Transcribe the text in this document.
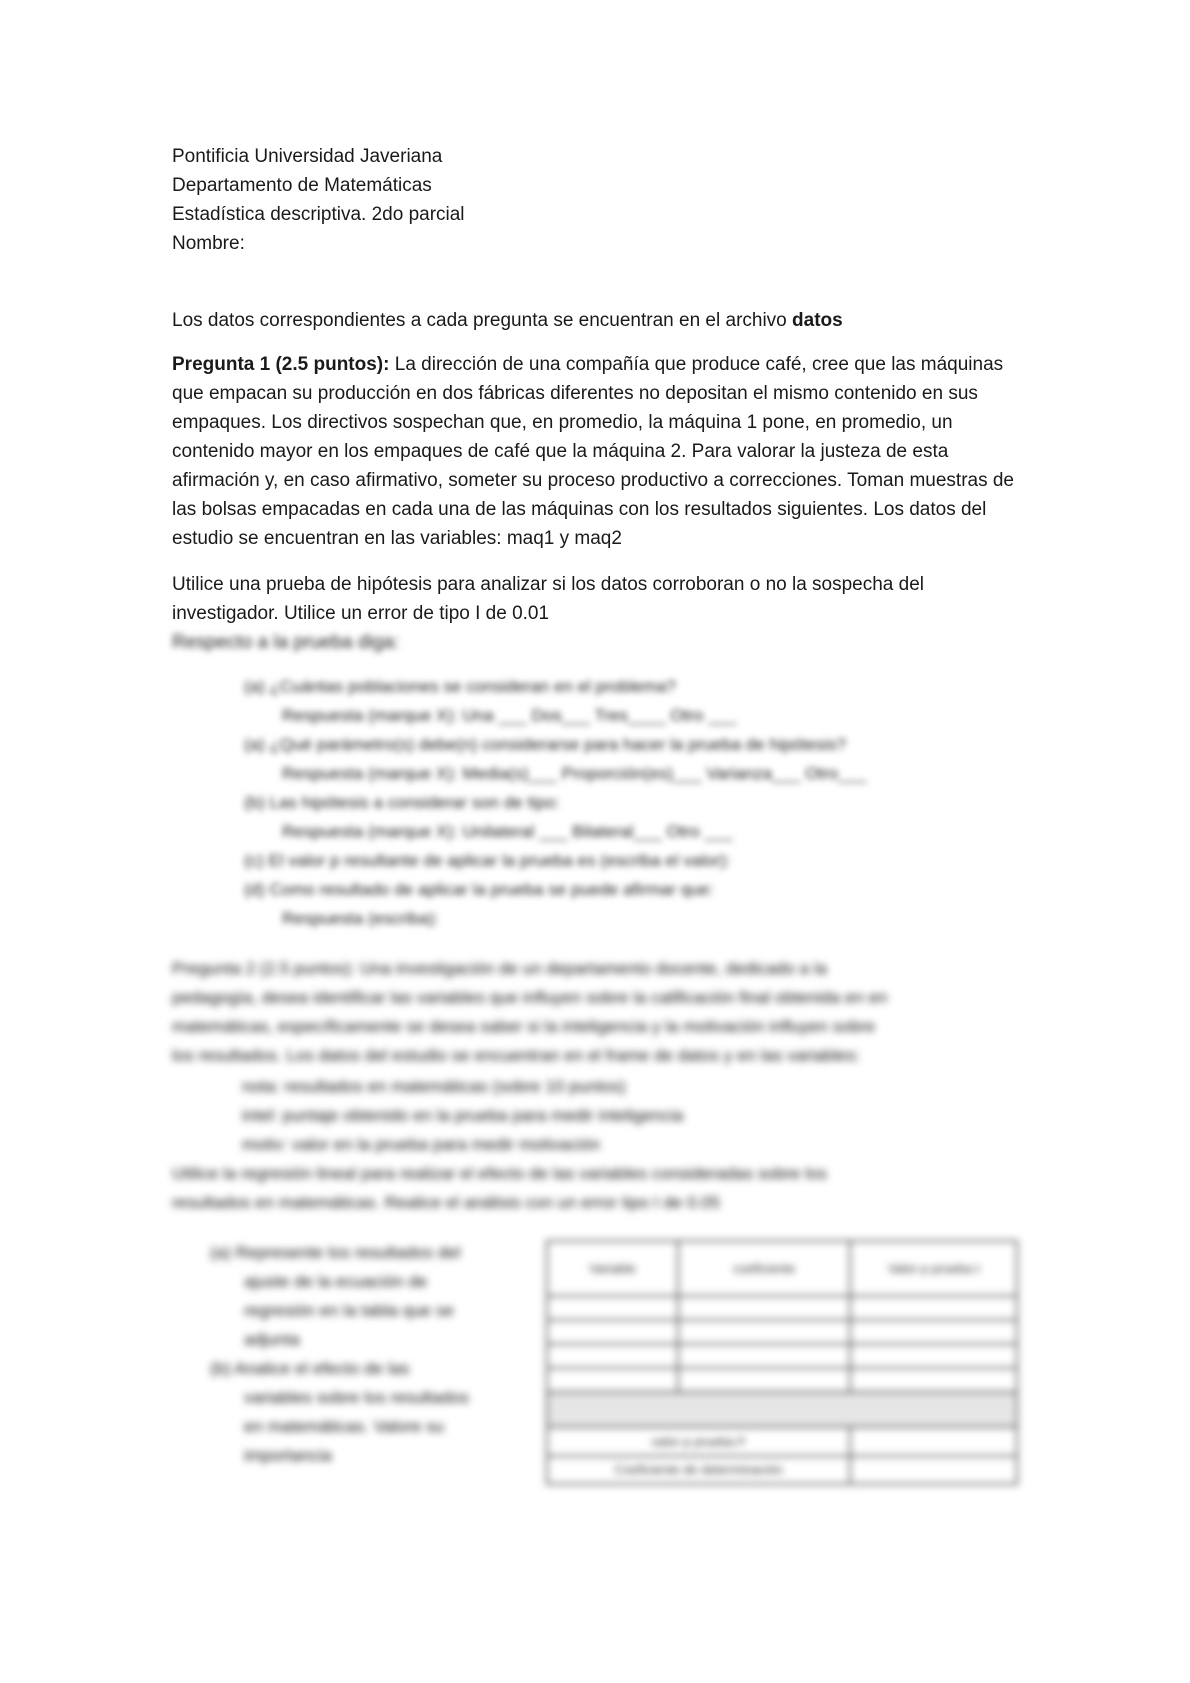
Pontificia Universidad Javeriana
Departamento de Matemáticas
Estadística descriptiva. 2do parcial
Nombre:
Los datos correspondientes a cada pregunta se encuentran en el archivo datos
Pregunta 1 (2.5 puntos): La dirección de una compañía que produce café, cree que las máquinas que empacan su producción en dos fábricas diferentes no depositan el mismo contenido en sus empaques. Los directivos sospechan que, en promedio, la máquina 1 pone, en promedio, un contenido mayor en los empaques de café que la máquina 2. Para valorar la justeza de esta afirmación y, en caso afirmativo, someter su proceso productivo a correcciones. Toman muestras de las bolsas empacadas en cada una de las máquinas con los resultados siguientes. Los datos del estudio se encuentran en las variables: maq1 y maq2
Utilice una prueba de hipótesis para analizar si los datos corroboran o no la sospecha del investigador. Utilice un error de tipo I de 0.01
Respecto a la prueba diga:
(a) ¿Cuántas poblaciones se consideran en el problema?
Respuesta (marque X): Una ___ Dos___ Tres____ Otro ___
(a) ¿Qué parámetro(s) debe(n) considerarse para hacer la prueba de hipótesis?
Respuesta (marque X): Media(s)___ Proporción(es)___ Varianza___ Otro___
(b) Las hipótesis a considerar son de tipo:
Respuesta (marque X): Unilateral ___ Bilateral___ Otro ___
(c) El valor p resultante de aplicar la prueba es (escriba el valor):
(d) Como resultado de aplicar la prueba se puede afirmar que:
Respuesta (escriba):
Pregunta 2 (2.5 puntos): Una investigación de un departamento docente, dedicado a la
pedagogía, desea identificar las variables que influyen sobre la calificación final obtenida en en
matemáticas, específicamente se desea saber si la inteligencia y la motivación influyen sobre
los resultados. Los datos del estudio se encuentran en el frame de datos y en las variables:
nota: resultados en matemáticas (sobre 10 puntos)
intel: puntaje obtenido en la prueba para medir inteligencia
motiv: valor en la prueba para medir motivación
Utilice la regresión lineal para realizar el efecto de las variables consideradas sobre los
resultados en matemáticas. Realice el análisis con un error tipo I de 0.05
(a) Represente los resultados del
ajuste de la ecuación de
regresión en la tabla que se
adjunta
(b) Analice el efecto de las
variables sobre los resultados
en matemáticas. Valore su
importancia
Variable	coeficiente	Valor p prueba t

valor p prueba F		
Coeficiente de determinación		
